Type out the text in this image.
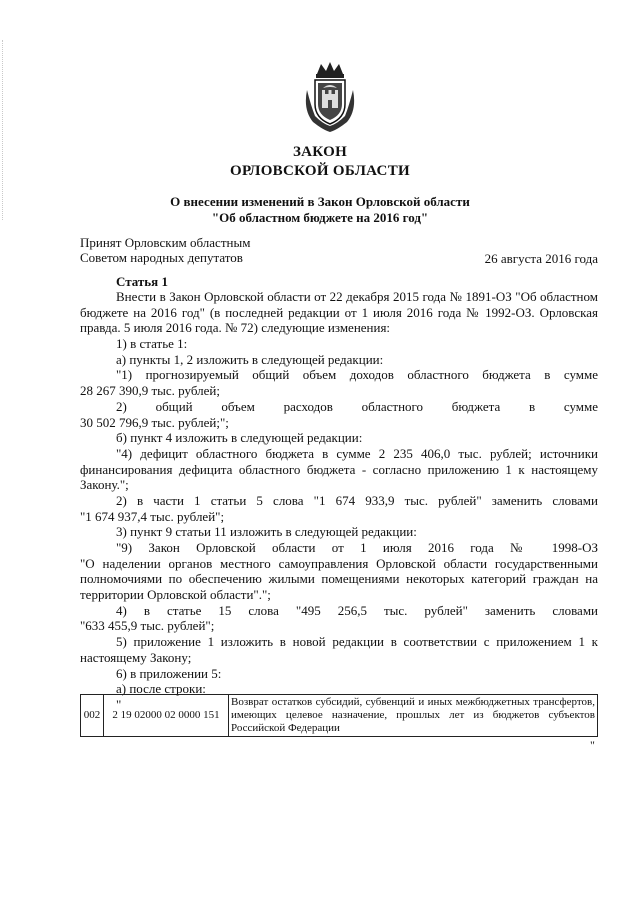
ЗАКОН
ОРЛОВСКОЙ ОБЛАСТИ
О внесении изменений в Закон Орловской области
"Об областном бюджете на 2016 год"
Принят Орловским областным
Советом народных депутатов	26 августа 2016 года
Статья 1
Внести в Закон Орловской области от 22 декабря 2015 года № 1891-ОЗ "Об областном
бюджете на 2016 год" (в последней редакции от 1 июля 2016 года № 1992-ОЗ. Орловская
правда. 5 июля 2016 года. № 72) следующие изменения:
1) в статье 1:
а) пункты 1, 2 изложить в следующей редакции:
"1) прогнозируемый общий объем доходов областного бюджета в сумме
28 267 390,9 тыс. рублей;
2) общий объем расходов областного бюджета в сумме
30 502 796,9 тыс. рублей;";
б) пункт 4 изложить в следующей редакции:
"4) дефицит областного бюджета в сумме 2 235 406,0 тыс. рублей; источники
финансирования дефицита областного бюджета - согласно приложению 1 к настоящему
Закону.";
2) в части 1 статьи 5 слова "1 674 933,9 тыс. рублей" заменить словами
"1 674 937,4 тыс. рублей";
3) пункт 9 статьи 11 изложить в следующей редакции:
"9) Закон Орловской области от 1 июля 2016 года № 1998-ОЗ
"О наделении органов местного самоуправления Орловской области государственными
полномочиями по обеспечению жилыми помещениями некоторых категорий граждан на
территории Орловской области".";
4) в статье 15 слова "495 256,5 тыс. рублей" заменить словами
"633 455,9 тыс. рублей";
5) приложение 1 изложить в новой редакции в соответствии с приложением 1 к
настоящему Закону;
6) в приложении 5:
а) после строки:
"
002	2 19 02000 02 0000 151	Возврат остатков субсидий, субвенций и иных межбюджетных трансфертов, имеющих целевое назначение, прошлых лет из бюджетов субъектов Российской Федерации
"
